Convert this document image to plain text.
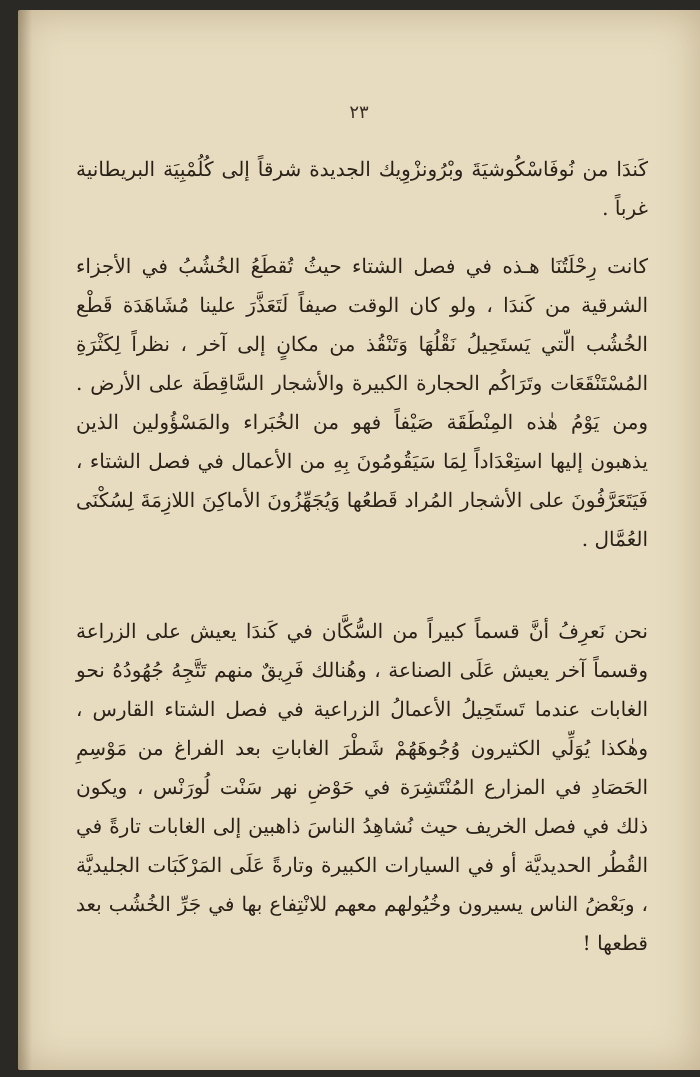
٢٣

كَندَا من نُوفَاسْكُوشيَةَ وبْرُونزْوِيك الجديدة شرقاً إلى كُلُمْبِيَة البريطانية غرباً .

كانت رِحْلَتُنَا هـذه في فصل الشتاء حيثُ تُقطَعُ الخُشُبُ في الأجزاء الشرقية من كَندَا ، ولو كان الوقت صيفاً لَتَعَذَّرَ علينا مُشَاهَدَة قَطْع الخُشُب الّتي يَستَحِيلُ نَقْلُهَا وَتَنْقُذ من مكانٍ إلى آخر ، نظراً لِكَثْرَةِ المُسْتَنْقَعَات وتَرَاكُم الحجارة الكبيرة والأشجار السَّاقِطَة على الأرض . ومن يَوْمُ هٰذه المِنْطَقَة صَيْفاً فهو من الخُبَراء والمَسْؤُولين الذين يذهبون إليها استِعْدَاداً لِمَا سَيَقُومُونَ بِهِ من الأعمال في فصل الشتاء ، فَيَتَعَرَّفُونَ على الأشجار المُراد قَطعُها وَيُجَهِّزُونَ الأماكِنَ اللازِمَةَ لِسُكْنَى العُمَّال .

نحن نَعرِفُ أنَّ قسماً كبيراً من السُّكَّان في كَندَا يعيش على الزراعة وقسماً آخر يعيش عَلَى الصناعة ، وهُنالك فَرِيقٌ منهم تَتَّجِهُ جُهُودُهُ نحو الغابات عندما تَستَحِيلُ الأعمالُ الزراعية في فصل الشتاء القارس ، وهٰكذا يُوَلِّي الكثيرون وُجُوهَهُمْ شَطْرَ الغاباتِ بعد الفراغ من مَوْسِمِ الحَصَادِ في المزارع المُنْتَشِرَة في حَوْضِ نهر سَنْت لُورَنْس ، ويكون ذلك في فصل الخريف حيث نُشاهِدُ الناسَ ذاهبين إلى الغابات تارةً في القُطُر الحديديَّة أو في السيارات الكبيرة وتارةً عَلَى المَرْكَبَات الجليديَّة ، وبَعْضُ الناس يسيرون وخُيُولهم معهم للانْتِفاع بها في جَرِّ الخُشُب بعد قطعها !
